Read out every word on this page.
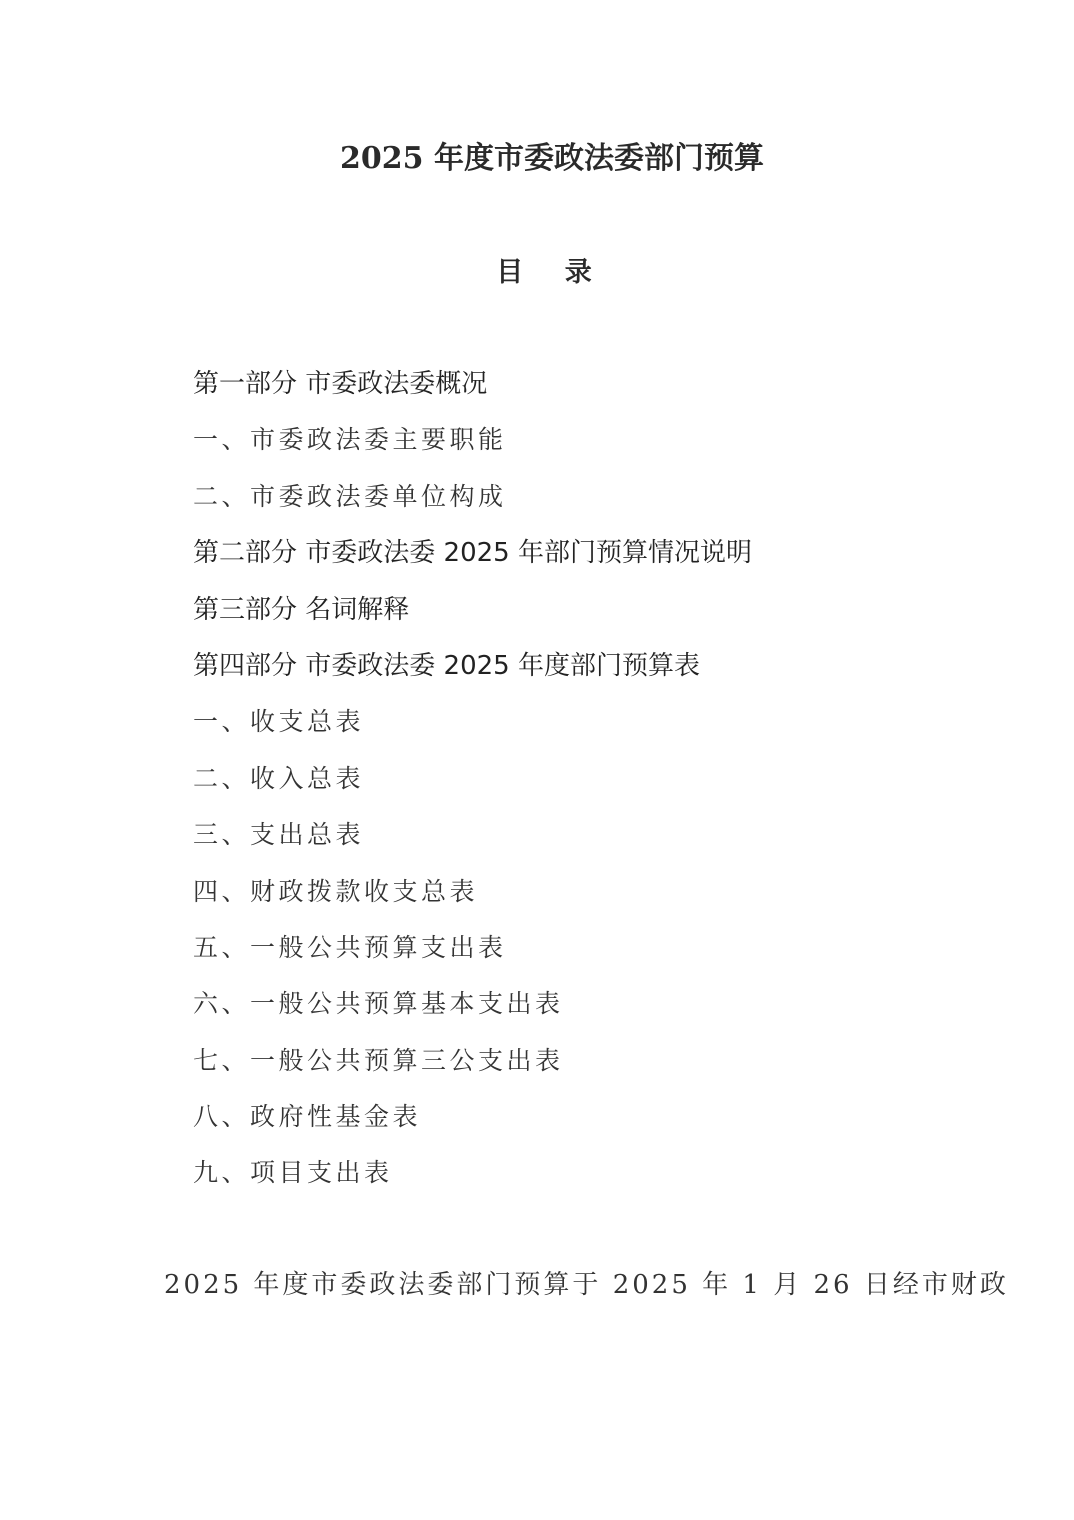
2025 年度市委政法委部门预算
目 录
第一部分 市委政法委概况
一、市委政法委主要职能
二、市委政法委单位构成
第二部分 市委政法委 2025 年部门预算情况说明
第三部分 名词解释
第四部分 市委政法委 2025 年度部门预算表
一、收支总表
二、收入总表
三、支出总表
四、财政拨款收支总表
五、一般公共预算支出表
六、一般公共预算基本支出表
七、一般公共预算三公支出表
八、政府性基金表
九、项目支出表
2025 年度市委政法委部门预算于 2025 年 1 月 26 日经市财政
